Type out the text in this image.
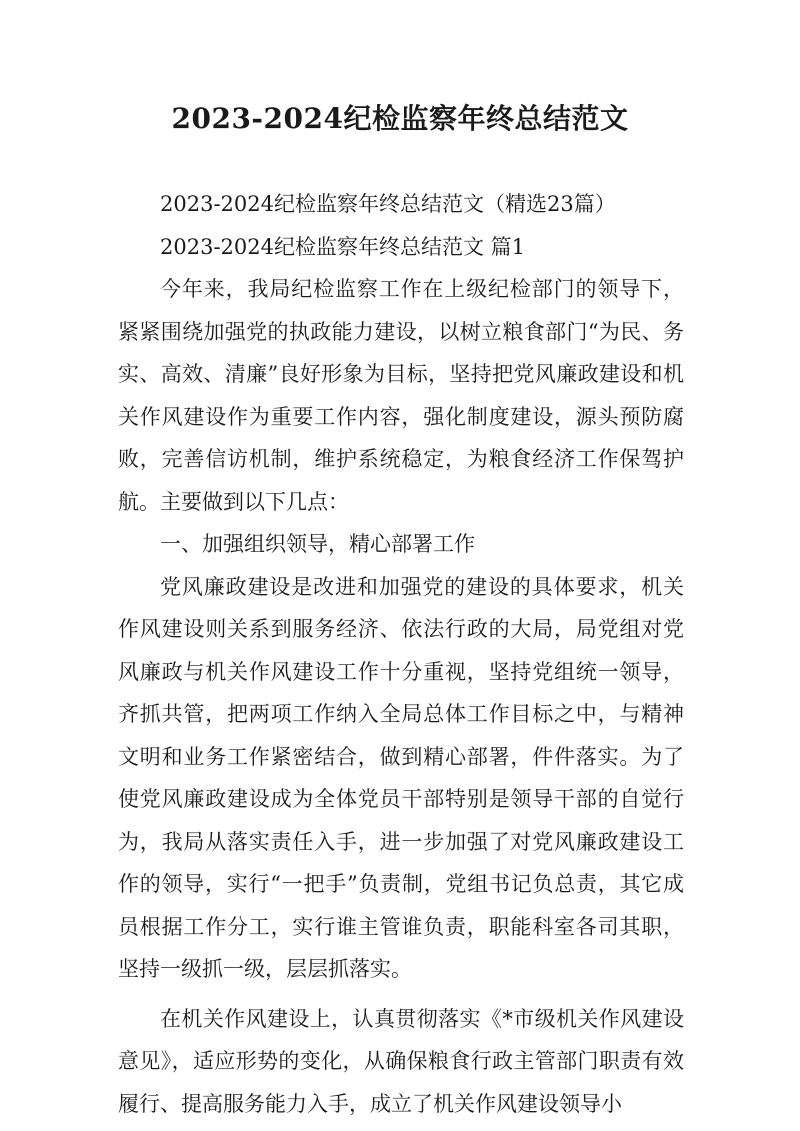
2023-2024纪检监察年终总结范文

2023-2024纪检监察年终总结范文（精选23篇）

2023-2024纪检监察年终总结范文 篇1

今年来，我局纪检监察工作在上级纪检部门的领导下，紧紧围绕加强党的执政能力建设，以树立粮食部门“为民、务实、高效、清廉”良好形象为目标，坚持把党风廉政建设和机关作风建设作为重要工作内容，强化制度建设，源头预防腐败，完善信访机制，维护系统稳定，为粮食经济工作保驾护航。主要做到以下几点：

一、加强组织领导，精心部署工作

党风廉政建设是改进和加强党的建设的具体要求，机关作风建设则关系到服务经济、依法行政的大局，局党组对党风廉政与机关作风建设工作十分重视，坚持党组统一领导，齐抓共管，把两项工作纳入全局总体工作目标之中，与精神文明和业务工作紧密结合，做到精心部署，件件落实。为了使党风廉政建设成为全体党员干部特别是领导干部的自觉行为，我局从落实责任入手，进一步加强了对党风廉政建设工作的领导，实行“一把手”负责制，党组书记负总责，其它成员根据工作分工，实行谁主管谁负责，职能科室各司其职，坚持一级抓一级，层层抓落实。

在机关作风建设上，认真贯彻落实《*市级机关作风建设意见》，适应形势的变化，从确保粮食行政主管部门职责有效履行、提高服务能力入手，成立了机关作风建设领导小
